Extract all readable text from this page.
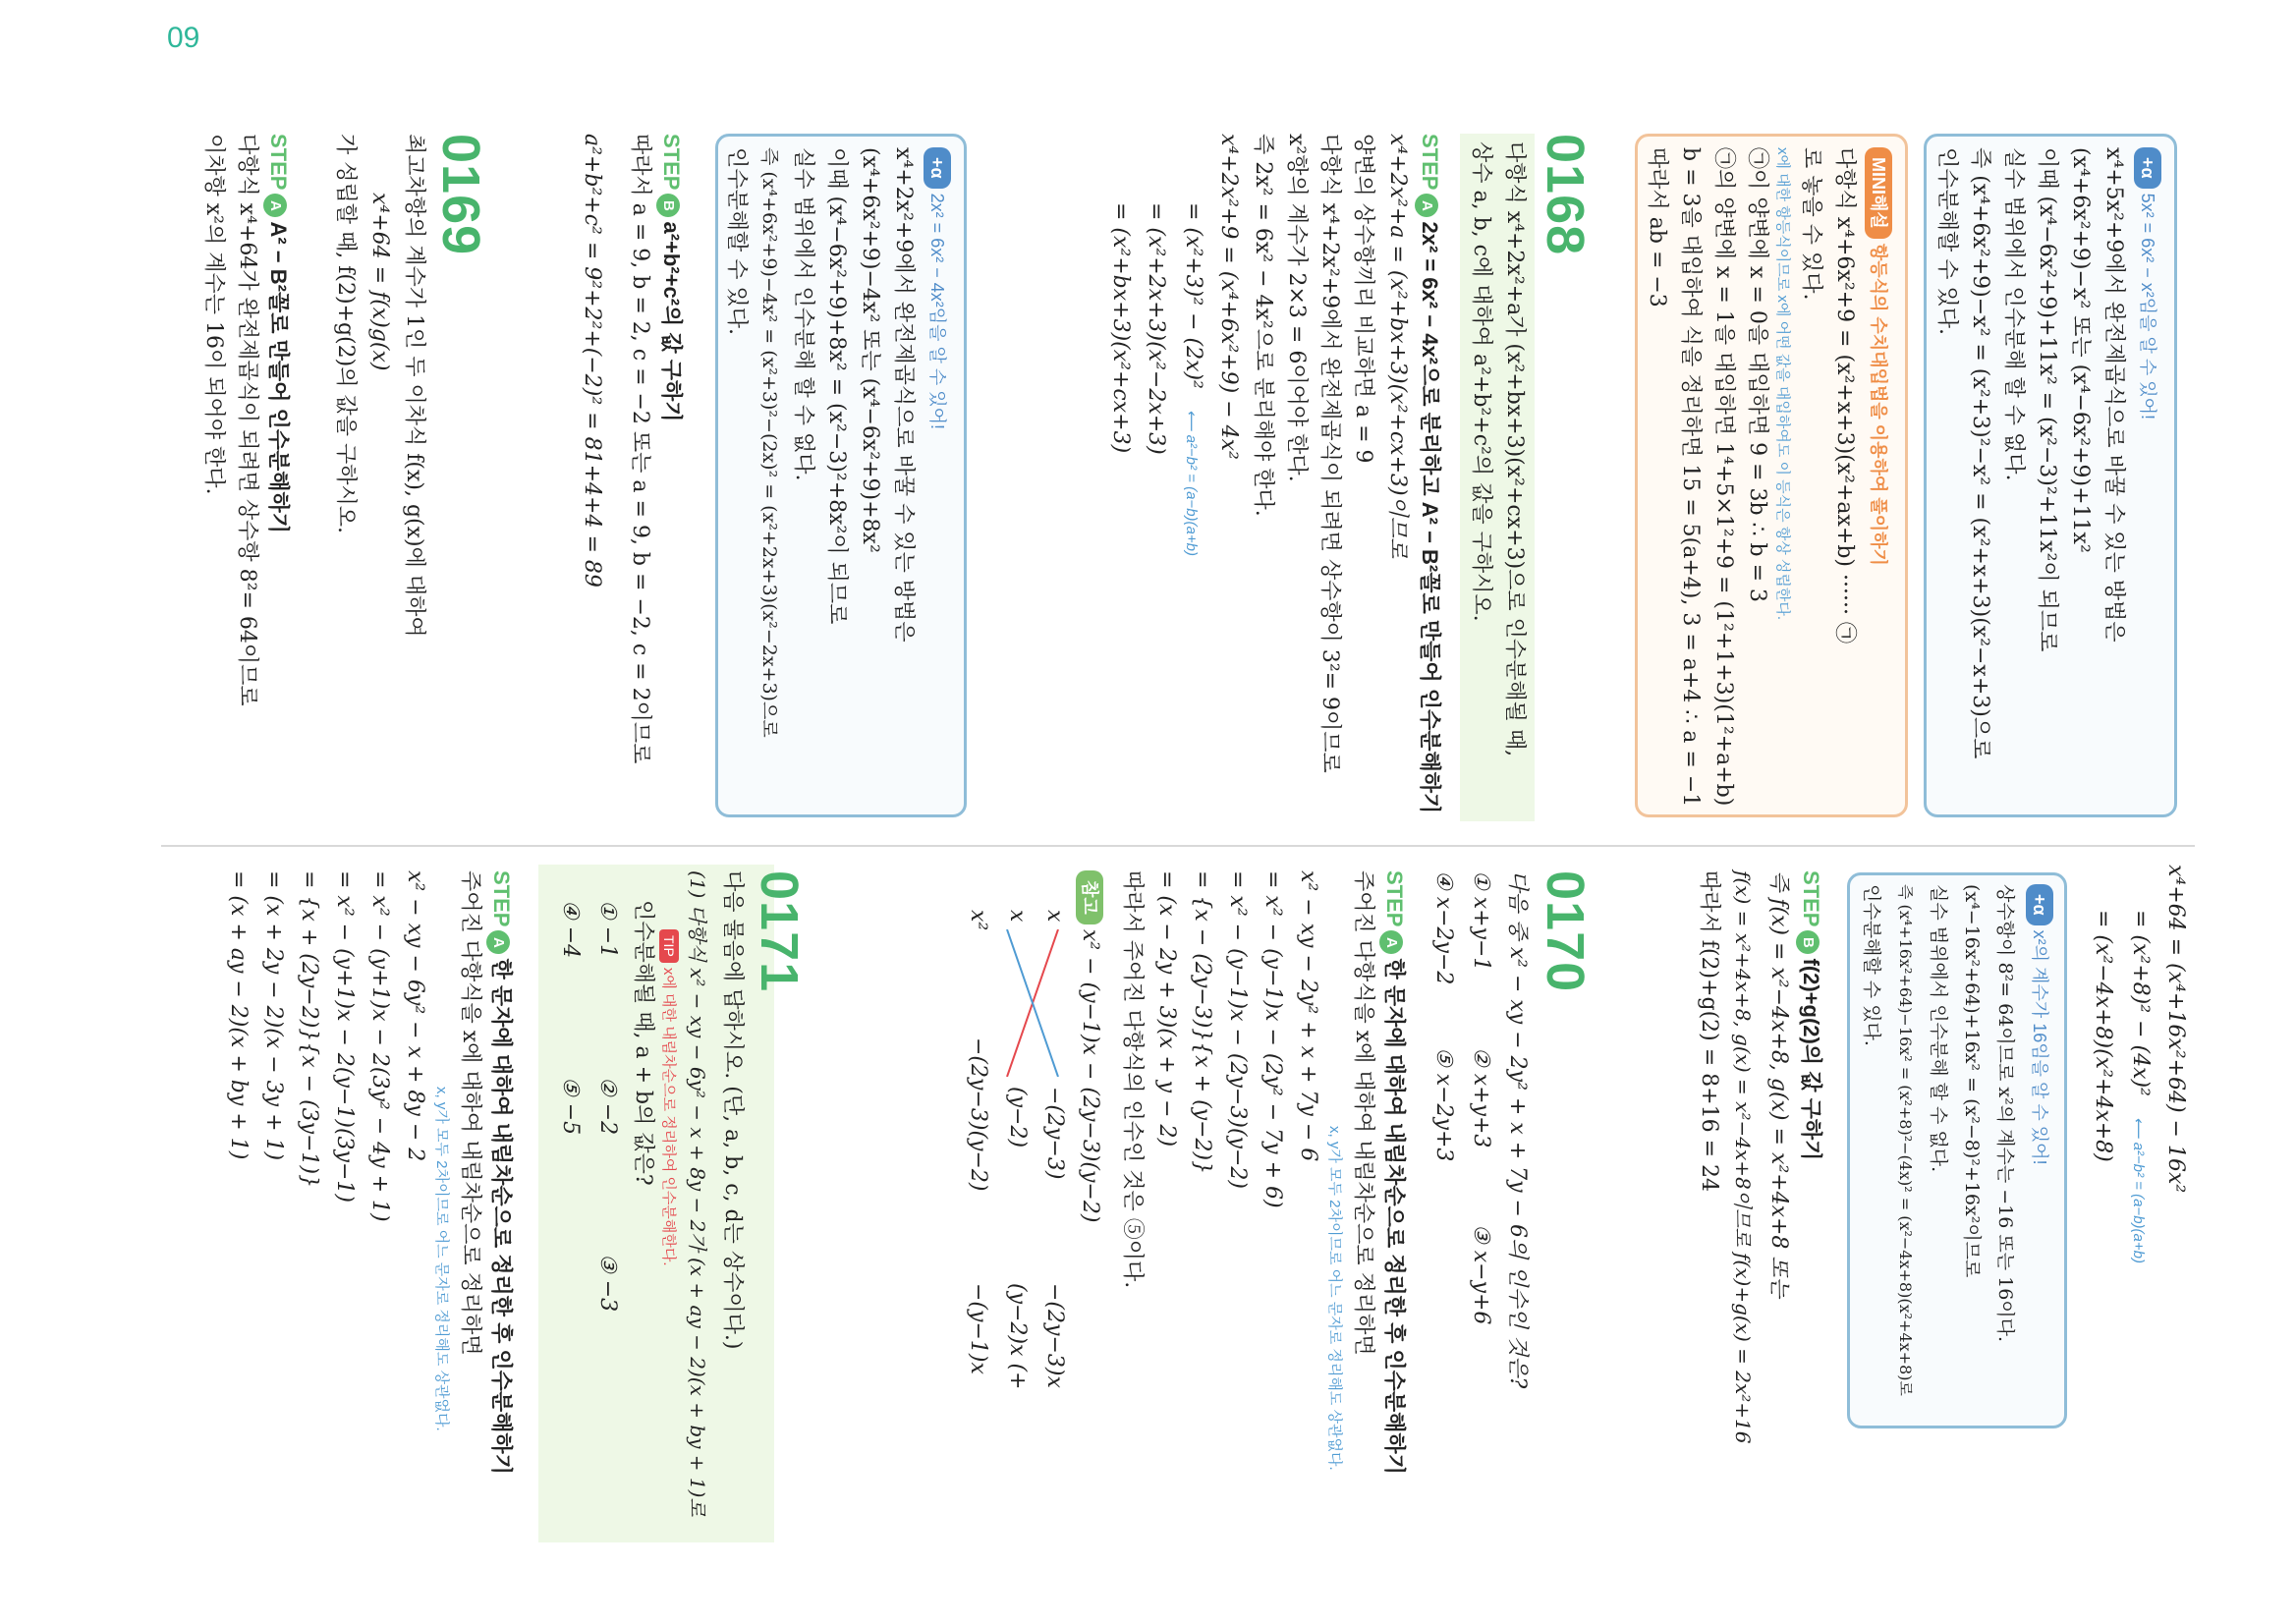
09
+α 5x² = 6x² − x²임을 알 수 있어!
x⁴+5x²+9에서 완전제곱식으로 바꿀 수 있는 방법은
(x⁴+6x²+9)−x² 또는 (x⁴−6x²+9)+11x²
이때 (x⁴−6x²+9)+11x² = (x²−3)²+11x²이 되므로
실수 범위에서 인수분해 할 수 없다.
즉 (x⁴+6x²+9)−x² = (x²+3)²−x² = (x²+x+3)(x²−x+3)으로
인수분해할 수 있다.
MINI해설 항등식의 수치대입법을 이용하여 풀이하기
다항식 x⁴+6x²+9 = (x²+x+3)(x²+ax+b) ······ ㉠
로 놓을 수 있다.
x에 대한 항등식이므로 x에 어떤 값을 대입하여도 이 등식은 항상 성립한다.
㉠이 양변에 x = 0을 대입하면 9 = 3b ∴ b = 3
㉠의 양변에 x = 1을 대입하면 1⁴+5×1²+9 = (1²+1+3)(1²+a+b)
b = 3을 대입하여 식을 정리하면 15 = 5(a+4), 3 = a+4 ∴ a = −1
따라서 ab = −3
0168
다항식 x⁴+2x²+a가 (x²+bx+3)(x²+cx+3)으로 인수분해될 때,
상수 a, b, c에 대하여 a²+b²+c²의 값을 구하시오.
STEPA2x² = 6x² − 4x²으로 분리하고 A² − B²꼴로 만들어 인수분해하기
x⁴+2x²+a = (x²+bx+3)(x²+cx+3)이므로
양변의 상수항끼리 비교하면 a = 9
다항식 x⁴+2x²+9에서 완전제곱식이 되려면 상수항이 3²= 9이므로
x²항의 계수가 2×3 = 6이어야 한다.
즉 2x² = 6x² − 4x²으로 분리해야 한다.
x⁴+2x²+9 = (x⁴+6x²+9) − 4x²
= (x²+3)² − (2x)² ⟵ a²−b² = (a−b)(a+b)
= (x²+2x+3)(x²−2x+3)
= (x²+bx+3)(x²+cx+3)
+α 2x² = 6x² − 4x²임을 알 수 있어!
x⁴+2x²+9에서 완전제곱식으로 바꿀 수 있는 방법은
(x⁴+6x²+9)−4x² 또는 (x⁴−6x²+9)+8x²
이때 (x⁴−6x²+9)+8x² = (x²−3)²+8x²이 되므로
실수 범위에서 인수분해 할 수 없다.
즉 (x⁴+6x²+9)−4x² = (x²+3)²−(2x)² = (x²+2x+3)(x²−2x+3)으로
인수분해할 수 있다.
STEPBa²+b²+c²의 값 구하기
따라서 a = 9, b = 2, c = −2 또는 a = 9, b = −2, c = 2이므로
a²+b²+c² = 9²+2²+(−2)² = 81+4+4 = 89
0169
최고차항의 계수가 1인 두 이차식 f(x), g(x)에 대하여
x⁴+64 = f(x)g(x)
가 성립할 때, f(2)+g(2)의 값을 구하시오.
STEPAA² − B²꼴로 만들어 인수분해하기
다항식 x⁴+64가 완전제곱식이 되려면 상수항 8²= 64이므로
이차항 x²의 계수는 16이 되어야 한다.
x⁴+64 = (x⁴+16x²+64) − 16x²
= (x²+8)² − (4x)² ⟵ a²−b² = (a−b)(a+b)
= (x²−4x+8)(x²+4x+8)
+α x²의 계수가 16임을 알 수 있어!
상수항이 8²= 64이므로 x²의 계수는 −16 또는 16이다.
(x⁴−16x²+64)+16x² = (x²−8)²+16x²이므로
실수 범위에서 인수분해 할 수 없다.
즉 (x⁴+16x²+64)−16x² = (x²+8)²−(4x)² = (x²−4x+8)(x²+4x+8)로
인수분해할 수 있다.
STEPBf(2)+g(2)의 값 구하기
즉 f(x) = x²−4x+8, g(x) = x²+4x+8 또는
f(x) = x²+4x+8, g(x) = x²−4x+8이므로 f(x)+g(x) = 2x²+16
따라서 f(2)+g(2) = 8+16 = 24
0170
다음 중 x² − xy − 2y² + x + 7y − 6의 인수인 것은?
① x+y−1
② x+y+3
③ x−y+6
④ x−2y−2
⑤ x−2y+3
STEPA한 문자에 대하여 내림차순으로 정리한 후 인수분해하기
주어진 다항식을 x에 대하여 내림차순으로 정리하면
x, y가 모두 2차이므로 어느 문자로 정리해도 상관없다.
x² − xy − 2y² + x + 7y − 6
= x² − (y−1)x − (2y² − 7y + 6)
= x² − (y−1)x − (2y−3)(y−2)
= {x − (2y−3)}{x + (y−2)}
= (x − 2y + 3)(x + y − 2)
따라서 주어진 다항식의 인수인 것은 ⑤이다.
참고 x² − (y−1)x − (2y−3)(y−2)
x
x
x²
−(2y−3)
(y−2)
−(2y−3)(y−2)
−(2y−3)x
(y−2)x (+
−(y−1)x
0171
다음 물음에 답하시오. (단, a, b, c, d는 상수이다.)
(1) 다항식 x² − xy − 6y² − x + 8y − 2가 (x + ay − 2)(x + by + 1)로
TIP x에 대한 내림차순으로 정리하여 인수분해한다.
인수분해될 때, a + b의 값은?
① −1
② −2
③ −3
④ −4
⑤ −5
STEPA한 문자에 대하여 내림차순으로 정리한 후 인수분해하기
주어진 다항식을 x에 대하여 내림차순으로 정리하면
x, y가 모두 2차이므로 어느 문자로 정리해도 상관없다.
x² − xy − 6y² − x + 8y − 2
= x² − (y+1)x − 2(3y² − 4y + 1)
= x² − (y+1)x − 2(y−1)(3y−1)
= {x + (2y−2)}{x − (3y−1)}
= (x + 2y − 2)(x − 3y + 1)
= (x + ay − 2)(x + by + 1)
